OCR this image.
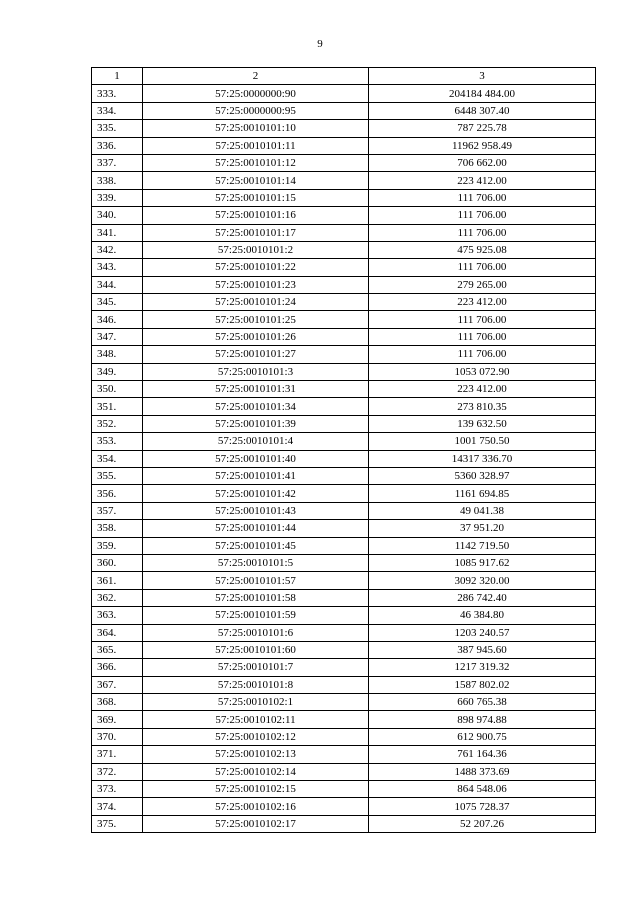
9
1	2	3
333.	57:25:0000000:90	204184 484.00
334.	57:25:0000000:95	6448 307.40
335.	57:25:0010101:10	787 225.78
336.	57:25:0010101:11	11962 958.49
337.	57:25:0010101:12	706 662.00
338.	57:25:0010101:14	223 412.00
339.	57:25:0010101:15	111 706.00
340.	57:25:0010101:16	111 706.00
341.	57:25:0010101:17	111 706.00
342.	57:25:0010101:2	475 925.08
343.	57:25:0010101:22	111 706.00
344.	57:25:0010101:23	279 265.00
345.	57:25:0010101:24	223 412.00
346.	57:25:0010101:25	111 706.00
347.	57:25:0010101:26	111 706.00
348.	57:25:0010101:27	111 706.00
349.	57:25:0010101:3	1053 072.90
350.	57:25:0010101:31	223 412.00
351.	57:25:0010101:34	273 810.35
352.	57:25:0010101:39	139 632.50
353.	57:25:0010101:4	1001 750.50
354.	57:25:0010101:40	14317 336.70
355.	57:25:0010101:41	5360 328.97
356.	57:25:0010101:42	1161 694.85
357.	57:25:0010101:43	49 041.38
358.	57:25:0010101:44	37 951.20
359.	57:25:0010101:45	1142 719.50
360.	57:25:0010101:5	1085 917.62
361.	57:25:0010101:57	3092 320.00
362.	57:25:0010101:58	286 742.40
363.	57:25:0010101:59	46 384.80
364.	57:25:0010101:6	1203 240.57
365.	57:25:0010101:60	387 945.60
366.	57:25:0010101:7	1217 319.32
367.	57:25:0010101:8	1587 802.02
368.	57:25:0010102:1	660 765.38
369.	57:25:0010102:11	898 974.88
370.	57:25:0010102:12	612 900.75
371.	57:25:0010102:13	761 164.36
372.	57:25:0010102:14	1488 373.69
373.	57:25:0010102:15	864 548.06
374.	57:25:0010102:16	1075 728.37
375.	57:25:0010102:17	52 207.26
